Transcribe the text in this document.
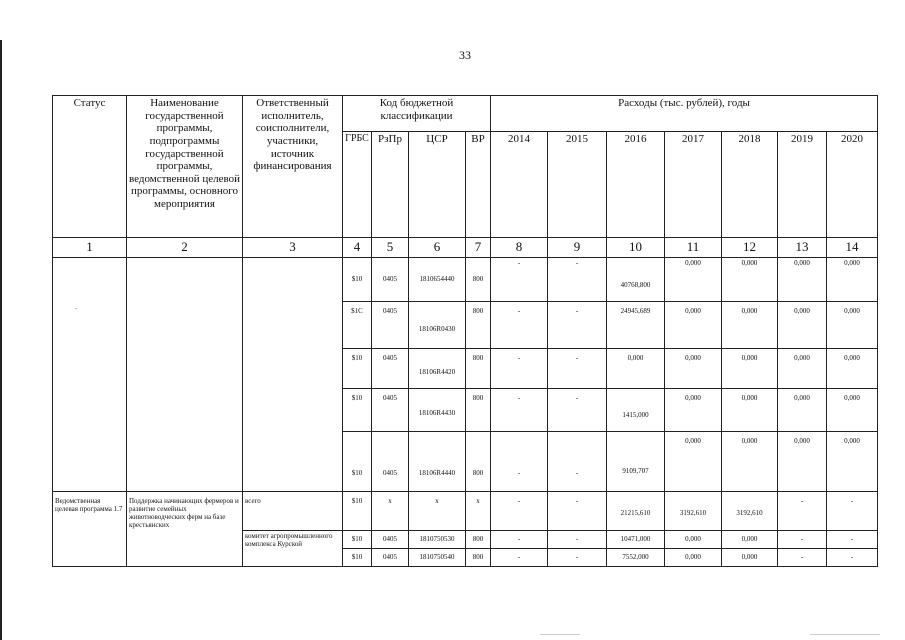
33
Статус	Наименование государственной программы, подпрограммы государственной программы, ведомственной целевой программы, основного мероприятия	Ответственный исполнитель, соисполнители, участники, источник финансирования	Код бюджетной классификации				Расходы (тыс. рублей), годы						
			ГРБС	РзПр	ЦСР	ВР	2014	2015	2016	2017	2018	2019	2020
1	2	3	4	5	6	7	8	9	10	11	12	13	14

`			$10	0405	1810654440	800	-	-	40768,800	0,000	0,000	0,000	0,000
			$1С	0405	18106R0430	800	-	-	24945,689	0,000	0,000	0,000	0,000
			$10	0405	18106R4420	800	-	-	0,000	0,000	0,000	0,000	0,000
			$10	0405	18106R4430	800	-	-	1415,000	0,000	0,000	0,000	0,000
			$10	0405	18106R4440	800	-	-	9109,707	0,000	0,000	0,000	0,000
Ведомственная целевая программа 1.7	Поддержка начинающих фермеров и развитие семейных животноводческих ферм на базе крестьянских	всего	$10	x	x	x	-	-	21215,610	3192,610	3192,610	-	-
		комитет агропромышленного комплекса Курской	$10	0405	1810750530	800	-	-	10471,000	0,000	0,000	-	-
			$10	0405	1810750540	800	-	-	7552,000	0,000	0,000	-	-
